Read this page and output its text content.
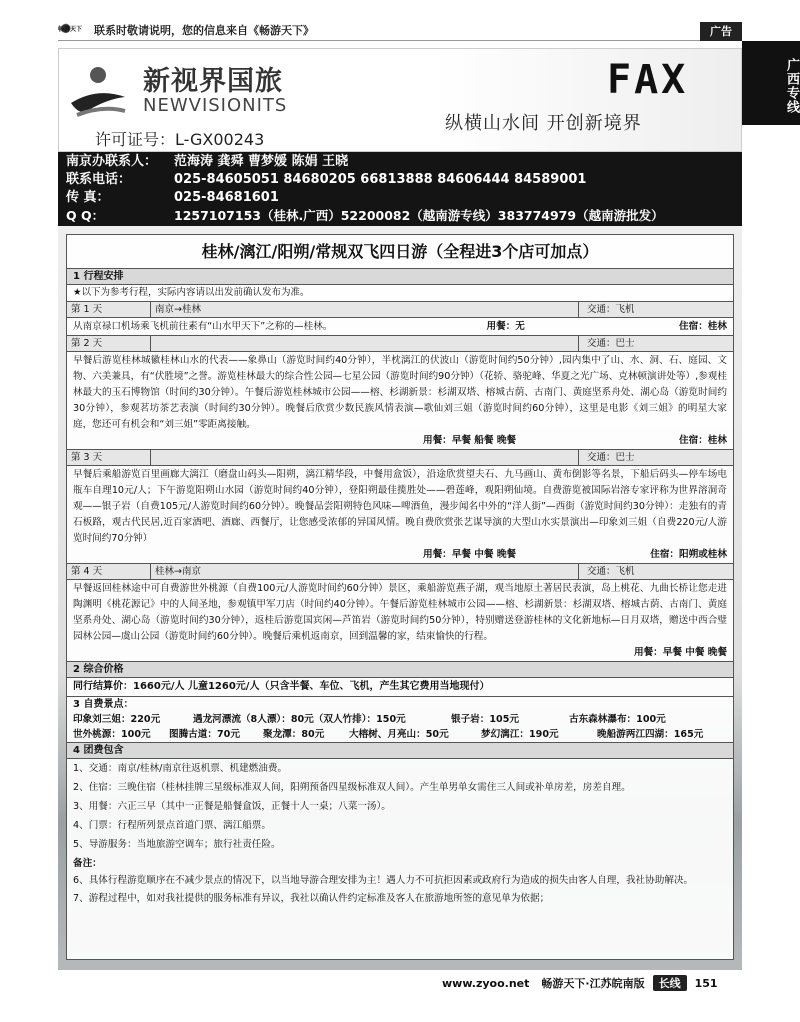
畅游天下 联系时敬请说明，您的信息来自《畅游天下》	广告
广西专线
新视界国旅
NEWVISIONITS
许可证号：L-GX00243
FAX
纵横山水间 开创新境界
南京办联系人：	范海涛 龚舜 曹梦媛 陈娟 王晓
联系电话：	025-84605051 84680205 66813888 84606444 84589001
传 真：	025-84681601
Q Q：	1257107153（桂林.广西）52200082（越南游专线）383774979（越南游批发）
桂林/漓江/阳朔/常规双飞四日游（全程进3个店可加点）
1 行程安排
★以下为参考行程，实际内容请以出发前确认发布为准。
第 1 天	南京→桂林	交通：飞机
从南京禄口机场乘飞机前往素有“山水甲天下”之称的—桂林。	用餐：无	住宿：桂林
第 2 天	交通：巴士
早餐后游览桂林城徽桂林山水的代表——象鼻山（游览时间约40分钟），半枕漓江的伏波山（游览时间约50分钟）,园内集中了山、水、洞、石、庭园、文物、六美兼具，有“伏胜境”之誉。游览桂林最大的综合性公园—七星公园（游览时间约90分钟）（花轿、骆驼峰、华夏之光广场、克林顿演讲处等）,参观桂林最大的玉石博物馆（时间约30分钟）。午餐后游览桂林城市公园——榕、杉湖新景：杉湖双塔、榕城古荫、古南门、黄庭坚系舟处、湖心岛（游览时间约30分钟），参观茗坊茶艺表演（时间约30分钟）。晚餐后欣赏少数民族风情表演—歌仙刘三姐（游览时间约60分钟），这里是电影《刘三姐》的明星大家庭，您还可有机会和“刘三姐”零距离接触。
用餐：早餐 船餐 晚餐	住宿：桂林
第 3 天	交通：巴士
早餐后乘船游览百里画廊大漓江（磨盘山码头—阳朔，漓江精华段，中餐用盒饭），沿途欣赏望夫石、九马画山、黄布倒影等名景，下船后码头—停车场电瓶车自理10元/人；下午游览阳朔山水园（游览时间约40分钟），登阳朔最佳揽胜处——碧莲峰，观阳朔仙境。自费游览被国际岩溶专家评称为世界溶洞奇观——银子岩（自费105元/人游览时间约60分钟）。晚餐品尝阳朔特色风味—啤酒鱼，漫步闻名中外的“洋人街”—西街（游览时间约30分钟）：走独有的青石板路，观古代民居,近百家酒吧、酒廊、西餐厅，让您感受浓郁的异国风情。晚自费欣赏张艺谋导演的大型山水实景演出—印象刘三姐（自费220元/人游览时间约70分钟）
用餐：早餐 中餐 晚餐	住宿：阳朔或桂林
第 4 天	桂林→南京	交通：飞机
早餐返回桂林途中可自费游世外桃源（自费100元/人游览时间约60分钟）景区，乘船游览燕子湖，观当地原土著居民表演，岛上桃花、九曲长桥让您走进陶渊明《桃花源记》中的人间圣地，参观镇甲军刀店（时间约40分钟）。午餐后游览桂林城市公园——榕、杉湖新景：杉湖双塔、榕城古荫、古南门、黄庭坚系舟处、湖心岛（游览时间约30分钟），返桂后游览国宾闲—芦笛岩（游览时间约50分钟），特别赠送登游桂林的文化新地标—日月双塔，赠送中西合璧园林公园—虞山公园（游览时间约60分钟）。晚餐后乘机返南京，回到温馨的家，结束愉快的行程。
用餐：早餐 中餐 晚餐
2 综合价格
同行结算价：1660元/人 儿童1260元/人（只含半餐、车位、飞机，产生其它费用当地现付）
3 自费景点：
印象刘三姐：220元	遇龙河漂流（8人漂）：80元（双人竹排）：150元	银子岩：105元	古东森林瀑布：100元
世外桃源：100元	图腾古道：70元	聚龙潭：80元	大榕树、月亮山：50元	梦幻漓江：190元	晚船游两江四湖：165元
4 团费包含
1、交通：南京/桂林/南京往返机票、机建燃油费。
2、住宿：三晚住宿（桂林挂牌三星级标准双人间，阳朔预备四星级标准双人间）。产生单男单女需住三人间或补单房差，房差自理。
3、用餐：六正三早（其中一正餐是船餐盒饭，正餐十人一桌；八菜一汤）。
4、门票：行程所列景点首道门票、漓江船票。
5、导游服务：当地旅游空调车；旅行社责任险。
备注：
6、具体行程游览顺序在不减少景点的情况下，以当地导游合理安排为主！遇人力不可抗拒因素或政府行为造成的损失由客人自理，我社协助解决。
7、游程过程中，如对我社提供的服务标准有异议，我社以确认件约定标准及客人在旅游地所签的意见单为依据；
www.zyoo.net 畅游天下·江苏皖南版	长线	151
